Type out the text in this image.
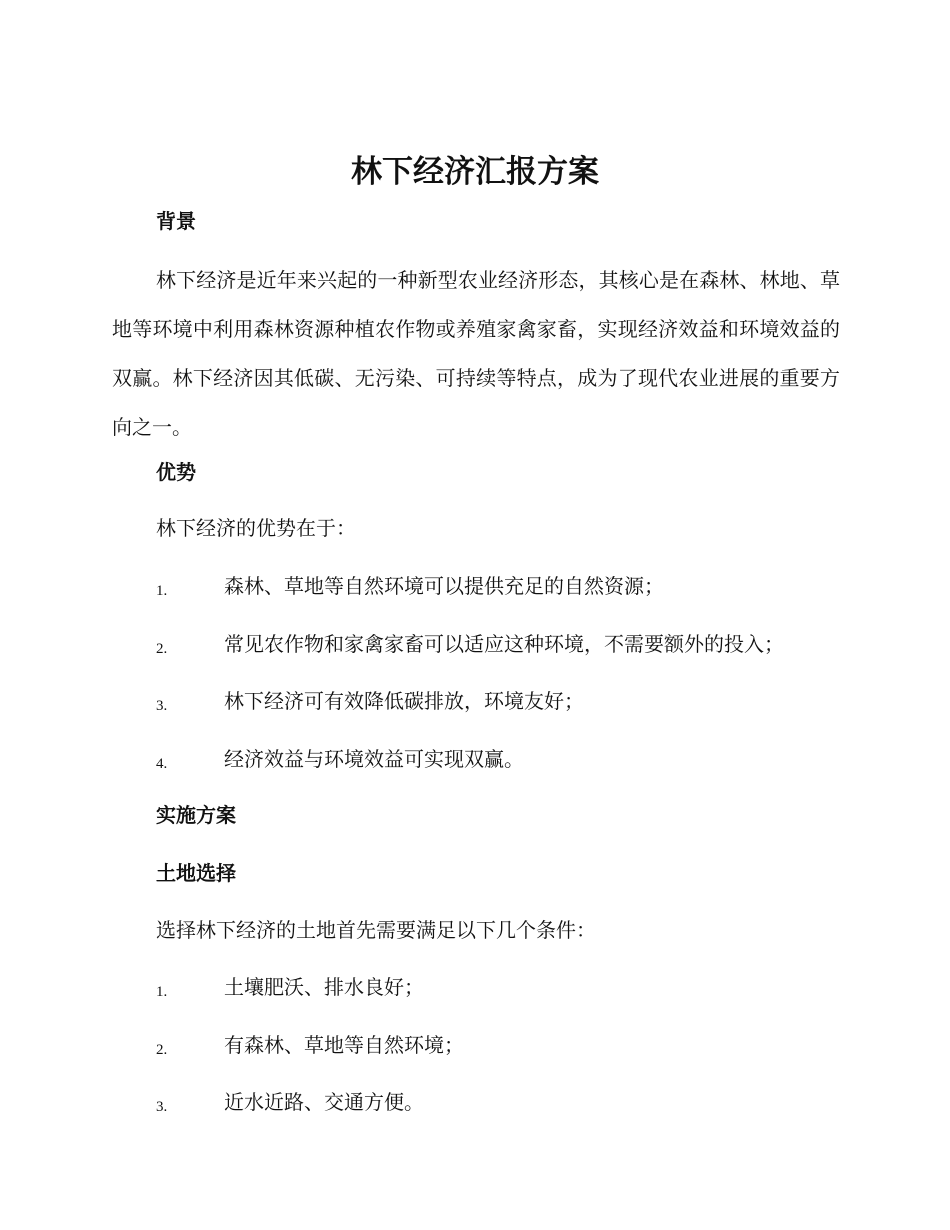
林下经济汇报方案
背景
林下经济是近年来兴起的一种新型农业经济形态，其核心是在森林、林地、草地等环境中利用森林资源种植农作物或养殖家禽家畜，实现经济效益和环境效益的双赢。林下经济因其低碳、无污染、可持续等特点，成为了现代农业进展的重要方向之一。
优势
林下经济的优势在于：
1.	森林、草地等自然环境可以提供充足的自然资源；
2.	常见农作物和家禽家畜可以适应这种环境，不需要额外的投入；
3.	林下经济可有效降低碳排放，环境友好；
4.	经济效益与环境效益可实现双赢。
实施方案
土地选择
选择林下经济的土地首先需要满足以下几个条件：
1.	土壤肥沃、排水良好；
2.	有森林、草地等自然环境；
3.	近水近路、交通方便。
